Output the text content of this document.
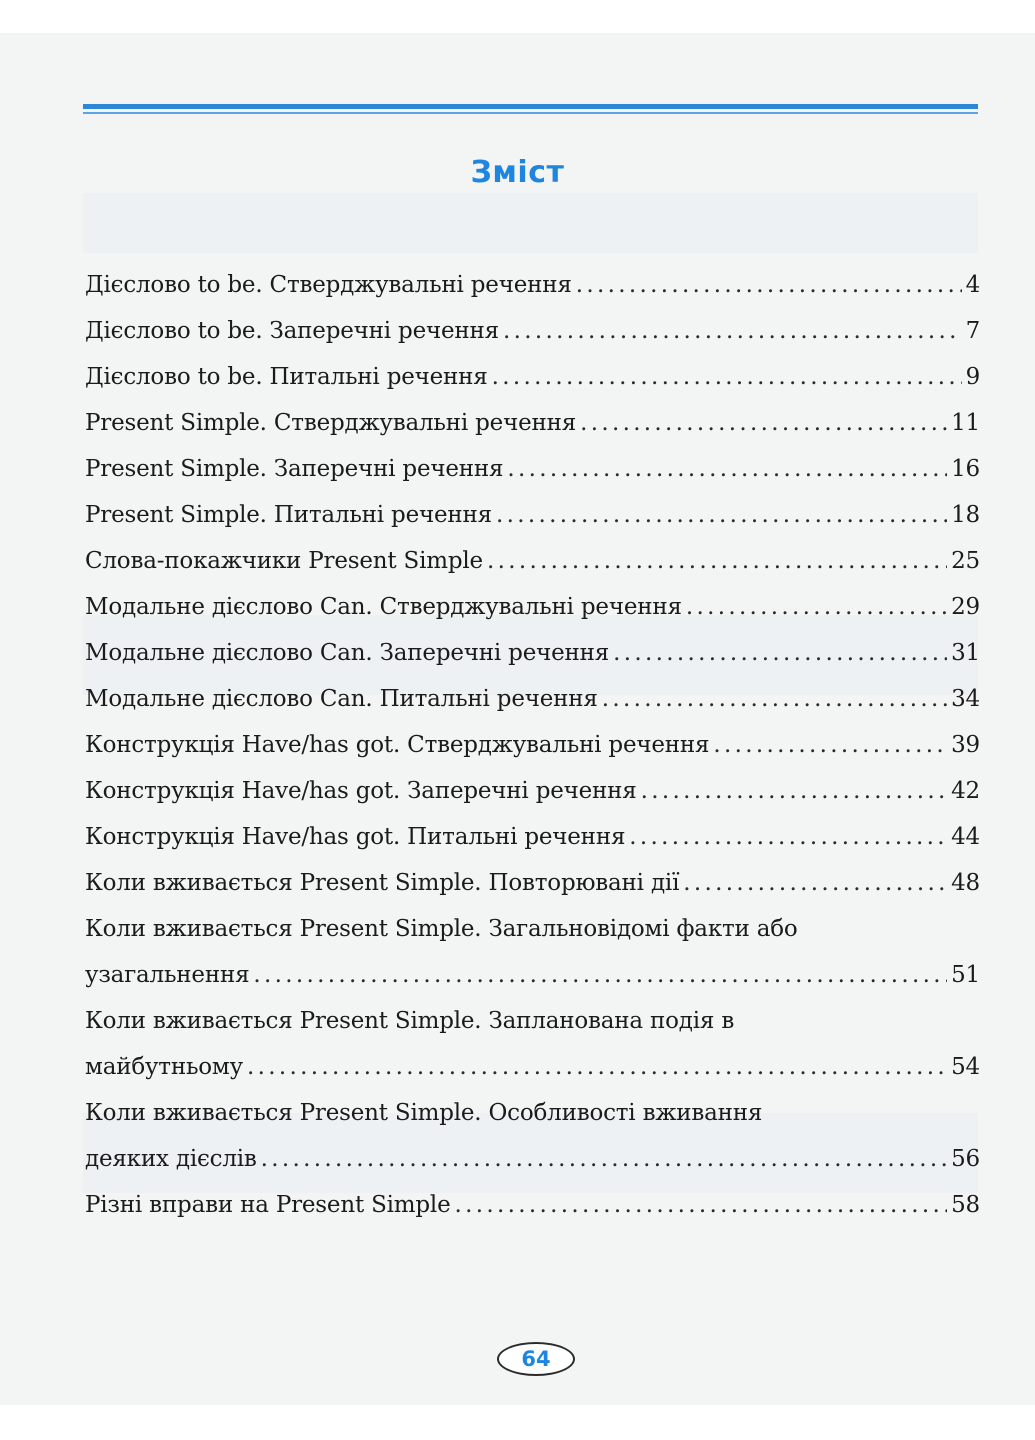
Зміст
Дієслово to be. Стверджувальні речення . . .	4
Дієслово to be. Заперечні речення . . .	7
Дієслово to be. Питальні речення . . .	9
Present Simple. Стверджувальні речення . . .	11
Present Simple. Заперечні речення . . .	16
Present Simple. Питальні речення . . .	18
Слова-покажчики Present Simple . . .	25
Модальне дієслово Can. Стверджувальні речення . . .	29
Модальне дієслово Can. Заперечні речення . . .	31
Модальне дієслово Can. Питальні речення . . .	34
Конструкція Have/has got. Стверджувальні речення . . .	39
Конструкція Have/has got. Заперечні речення . . .	42
Конструкція Have/has got. Питальні речення . . .	44
Коли вживається Present Simple. Повторювані дії . . .	48
Коли вживається Present Simple. Загальновідомі факти або
узагальнення . . .	51
Коли вживається Present Simple. Запланована подія в
майбутньому . . .	54
Коли вживається Present Simple. Особливості вживання
деяких дієслів . . .	56
Різні вправи на Present Simple . . .	58
64
